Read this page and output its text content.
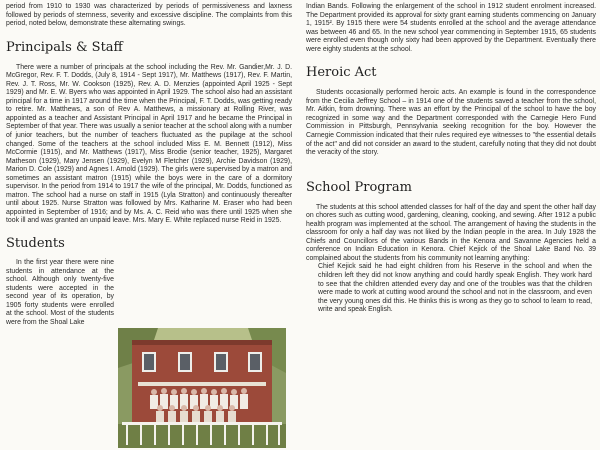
period from 1910 to 1930 was characterized by periods of permissiveness and laxness followed by periods of sternness, severity and excessive discipline. The complaints from this period, noted below, demonstrate these alternating swings.

Principals & Staff

There were a number of principals at the school including the Rev. Mr. Gandier,Mr. J. D. McGregor, Rev. F. T. Dodds, (July 8, 1914 - Sept 1917), Mr. Matthews (1917), Rev. F. Martin, Rev. J. T. Ross, Mr. W. Cookson (1925), Rev. A. D. Menzies (appointed April 1925 - Sept 1929) and Mr. E. W. Byers who was appointed in April 1929. The school also had an assistant principal for a time in 1917 around the time when the Principal, F. T. Dodds, was getting ready to retire. Mr. Matthews, a son of Rev A. Matthews, a missionary at Rolling River, was appointed as a teacher and Assistant Principal in April 1917 and he became the Principal in September of that year. There was usually a senior teacher at the school along with a number of junior teachers, but the number of teachers fluctuated as the pupilage at the school changed. Some of the teachers at the school included Miss E. M. Bennett (1912), Miss McCormie (1915), and Mr. Matthews (1917), Miss Brodie (senior teacher, 1925), Margaret Matheson (1929), Mary Jensen (1929), Evelyn M Fletcher (1929), Archie Davidson (1929), Marion D. Cole (1929) and Agnes I. Arnold (1929). The girls were supervised by a matron and sometimes an assistant matron (1915) while the boys were in the care of a dormitory supervisor. In the period from 1914 to 1917 the wife of the principal, Mr. Dodds, functioned as matron. The school had a nurse on staff in 1915 (Lyla Stratton) and continuously thereafter until about 1925. Nurse Stratton was followed by Mrs. Katharine M. Eraser who had been appointed in September of 1916; and by Ms. A. C. Reid who was there until 1925 when she took ill and was granted an unpaid leave. Mrs. Mary E. White replaced nurse Reid in 1925.

Students

In the first year there were nine students in attendance at the school. Although only twenty-five students were accepted in the second year of its operation, by 1905 forty students were enrolled at the school. Most of the students were from the Shoal Lake

Indian Bands. Following the enlargement of the school in 1912 student enrolment increased. The Department provided its approval for sixty grant earning students commencing on January 1, 1915². By 1915 there were 54 students enrolled at the school and the average attendance was between 46 and 65. In the new school year commencing in September 1915, 65 students were enrolled even though only sixty had been approved by the Department. Eventually there were eighty students at the school.

Heroic Act

Students occasionally performed heroic acts. An example is found in the correspondence from the Cecilia Jeffrey School – in 1914 one of the students saved a teacher from the school, Mr. Aitkin, from drowning. There was an effort by the Principal of the school to have the boy recognized in some way and the Department corresponded with the Carnegie Hero Fund Commission in Pittsburgh, Pennsylvania seeking recognition for the boy. However the Carnegie Commission indicated that their rules required eye witnesses to "the essential details of the act" and did not consider an award to the student, carefully noting that they did not doubt the veracity of the story.

School Program

The students at this school attended classes for half of the day and spent the other half day on chores such as cutting wood, gardening, cleaning, cooking, and sewing. After 1912 a public health program was implemented at the school. The arrangement of having the students in the classroom for only a half day was not liked by the Indian people in the area. In July 1928 the Chiefs and Councillors of the various Bands in the Kenora and Savanne Agencies held a conference on Indian Education in Kenora. Chief Kejick of the Shoal Lake Band No. 39 complained about the students from his community not learning anything:

Chief Kejick said he had eight children from his Reserve in the school and when the children left they did not know anything and could hardly speak English. They work hard to see that the children attended every day and one of the troubles was that the children were made to work at cutting wood around the school and not in the classroom, and even the very young ones did this. He thinks this is wrong as they go to school to learn to read, write and speak English.
